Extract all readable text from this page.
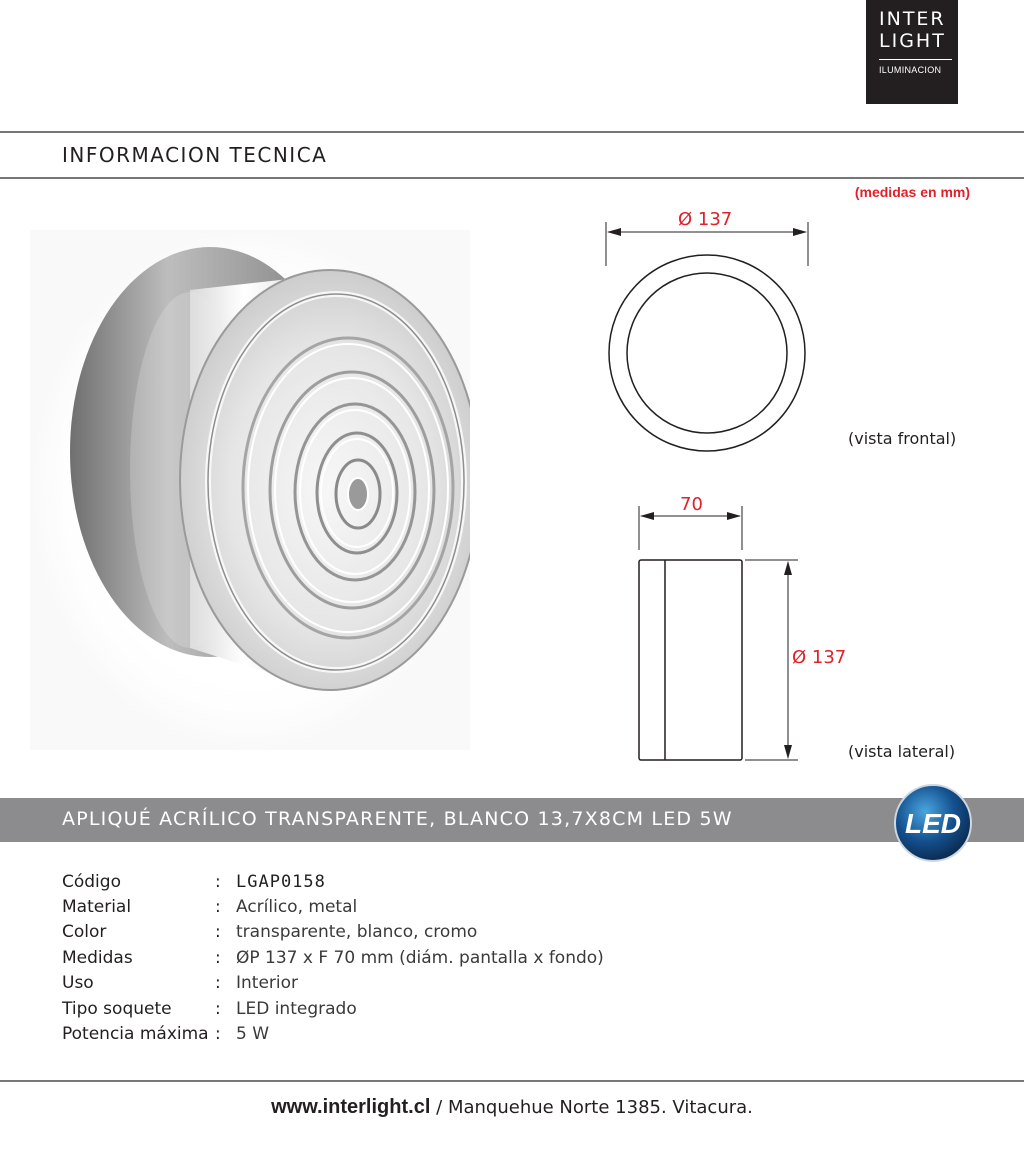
INTER
LIGHT
ILUMINACION
INFORMACION TECNICA
(medidas en mm)
Ø 137
(vista frontal)
70
Ø 137
(vista lateral)
APLIQUÉ ACRÍLICO TRANSPARENTE, BLANCO 13,7X8CM LED 5W	LED
Código	: LGAP0158
Material	: Acrílico, metal
Color	: transparente, blanco, cromo
Medidas	: ØP 137 x F 70 mm (diám. pantalla x fondo)
Uso	: Interior
Tipo soquete	: LED integrado
Potencia máxima : 5 W
www.interlight.cl / Manquehue Norte 1385. Vitacura.
